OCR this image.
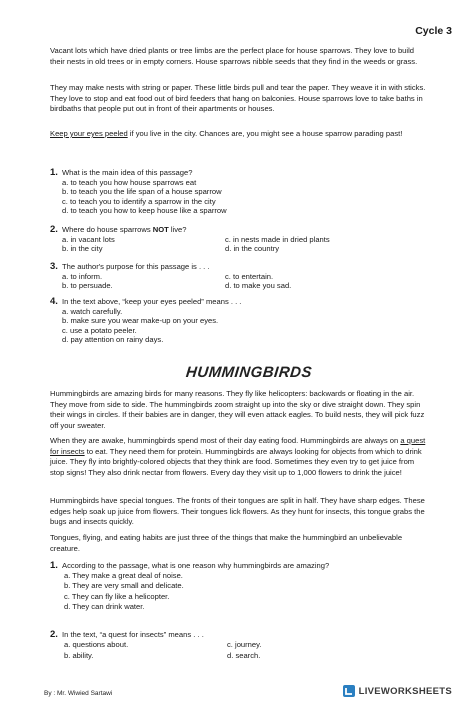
Cycle 3

Vacant lots which have dried plants or tree limbs are the perfect place for house sparrows. They love to build their nests in old trees or in empty corners. House sparrows nibble seeds that they find in the weeds or grass.

They may make nests with string or paper. These little birds pull and tear the paper. They weave it in with sticks. They love to stop and eat food out of bird feeders that hang on balconies. House sparrows love to take baths in birdbaths that people put out in front of their apartments or houses.

Keep your eyes peeled if you live in the city. Chances are, you might see a house sparrow parading past!

1. What is the main idea of this passage?
a. to teach you how house sparrows eat
b. to teach you the life span of a house sparrow
c. to teach you to identify a sparrow in the city
d. to teach you how to keep house like a sparrow
2. Where do house sparrows NOT live?
a. in vacant lots	c. in nests made in dried plants
b. in the city	d. in the country
3. The author's purpose for this passage is . . .
a. to inform.	c. to entertain.
b. to persuade.	d. to make you sad.
4. In the text above, “keep your eyes peeled” means . . .
a. watch carefully.
b. make sure you wear make-up on your eyes.
c. use a potato peeler.
d. pay attention on rainy days.
HUMMINGBIRDS

Hummingbirds are amazing birds for many reasons. They fly like helicopters: backwards or floating in the air. They move from side to side. The hummingbirds zoom straight up into the sky or dive straight down. They spin their wings in circles. If their babies are in danger, they will even attack eagles. To build nests, they will pick fuzz off your sweater.

When they are awake, hummingbirds spend most of their day eating food. Hummingbirds are always on a quest for insects to eat. They need them for protein. Hummingbirds are always looking for objects from which to drink juice. They fly into brightly-colored objects that they think are food. Sometimes they even try to get juice from stop signs! They also drink nectar from flowers. Every day they visit up to 1,000 flowers to drink the juice!

Hummingbirds have special tongues. The fronts of their tongues are split in half. They have sharp edges. These edges help soak up juice from flowers. Their tongues lick flowers. As they hunt for insects, this tongue grabs the bugs and insects quickly.

Tongues, flying, and eating habits are just three of the things that make the hummingbird an unbelievable creature.

1. According to the passage, what is one reason why hummingbirds are amazing?
a. They make a great deal of noise.
b. They are very small and delicate.
c. They can fly like a helicopter.
d. They can drink water.
2. In the text, “a quest for insects” means . . .
a. questions about.	c. journey.
b. ability.	d. search.
By : Mr. Wiwied Sartawi	LIVEWORKSHEETS
